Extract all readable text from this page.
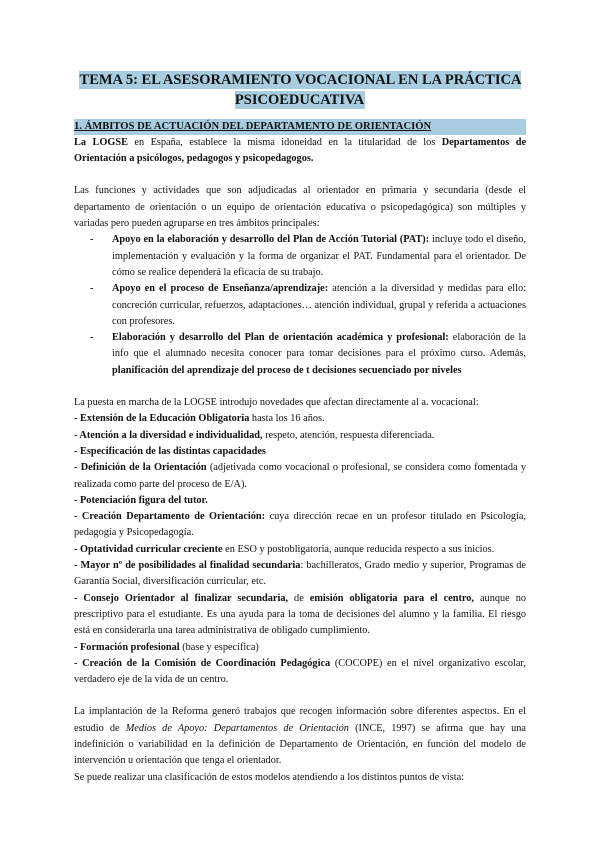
TEMA 5: EL ASESORAMIENTO VOCACIONAL EN LA PRÁCTICA PSICOEDUCATIVA
1. ÁMBITOS DE ACTUACIÓN DEL DEPARTAMENTO DE ORIENTACIÓN

La LOGSE en España, establece la misma idoneidad en la titularidad de los Departamentos de Orientación a psicólogos, pedagogos y psicopedagogos.

Las funciones y actividades que son adjudicadas al orientador en primaria y secundaria (desde el departamento de orientación o un equipo de orientación educativa o psicopedagógica) son múltiples y variadas pero pueden agruparse en tres ámbitos principales:

- Apoyo en la elaboración y desarrollo del Plan de Acción Tutorial (PAT): incluye todo el diseño, implementación y evaluación y la forma de organizar el PAT. Fundamental para el orientador. De cómo se realice dependerá la eficacia de su trabajo.
- Apoyo en el proceso de Enseñanza/aprendizaje: atención a la diversidad y medidas para ello: concreción curricular, refuerzos, adaptaciones… atención individual, grupal y referida a actuaciones con profesores.
- Elaboración y desarrollo del Plan de orientación académica y profesional: elaboración de la info que el alumnado necesita conocer para tomar decisiones para el próximo curso. Además, planificación del aprendizaje del proceso de t decisiones secuenciado por niveles

La puesta en marcha de la LOGSE introdujo novedades que afectan directamente al a. vocacional:

- Extensión de la Educación Obligatoria hasta los 16 años.

- Atención a la diversidad e individualidad, respeto, atención, respuesta diferenciada.

- Especificación de las distintas capacidades

- Definición de la Orientación (adjetivada como vocacional o profesional, se considera como fomentada y realizada como parte del proceso de E/A).

- Potenciación figura del tutor.

- Creación Departamento de Orientación: cuya dirección recae en un profesor titulado en Psicología, pedagogía y Psicopedagogía.

- Optatividad curricular creciente en ESO y postobligatoria, aunque reducida respecto a sus inicios.

- Mayor nº de posibilidades al finalidad secundaria: bachilleratos, Grado medio y superior, Programas de Garantía Social, diversificación curricular, etc.

- Consejo Orientador al finalizar secundaria, de emisión obligatoria para el centro, aunque no prescriptivo para el estudiante. Es una ayuda para la toma de decisiones del alumno y la familia. El riesgo está en considerarla una tarea administrativa de obligado cumplimiento.

- Formación profesional (base y específica)

- Creación de la Comisión de Coordinación Pedagógica (COCOPE) en el nivel organizativo escolar, verdadero eje de la vida de un centro.

La implantación de la Reforma generó trabajos que recogen información sobre diferentes aspectos. En el estudio de Medios de Apoyo: Departamentos de Orientación (INCE, 1997) se afirma que hay una indefinición o variabilidad en la definición de Departamento de Orientación, en función del modelo de intervención u orientación que tenga el orientador.

Se puede realizar una clasificación de estos modelos atendiendo a los distintos puntos de vista:
